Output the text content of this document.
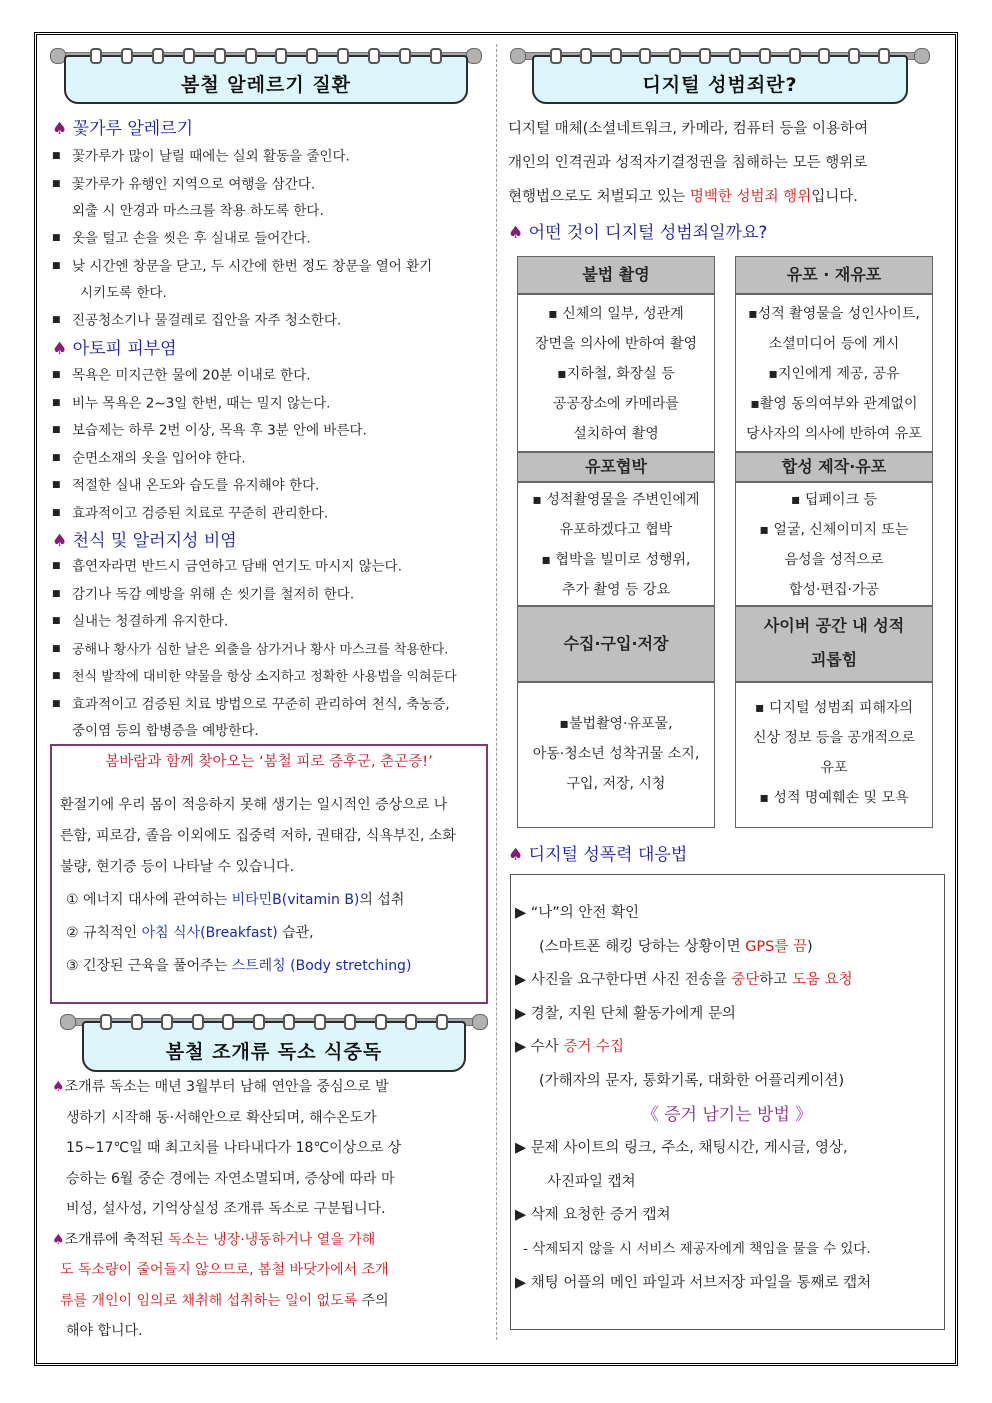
봄철 알레르기 질환
♠ 꽃가루 알레르기
■ 꽃가루가 많이 날릴 때에는 실외 활동을 줄인다.
■ 꽃가루가 유행인 지역으로 여행을 삼간다.
외출 시 안경과 마스크를 착용 하도록 한다.
■ 옷을 털고 손을 씻은 후 실내로 들어간다.
■ 낮 시간엔 창문을 닫고, 두 시간에 한번 정도 창문을 열어 환기
시키도록 한다.
■ 진공청소기나 물걸레로 집안을 자주 청소한다.
♠ 아토피 피부염
■ 목욕은 미지근한 물에 20분 이내로 한다.
■ 비누 목욕은 2~3일 한번, 때는 밀지 않는다.
■ 보습제는 하루 2번 이상, 목욕 후 3분 안에 바른다.
■ 순면소재의 옷을 입어야 한다.
■ 적절한 실내 온도와 습도를 유지해야 한다.
■ 효과적이고 검증된 치료로 꾸준히 관리한다.
♠ 천식 및 알러지성 비염
■ 흡연자라면 반드시 금연하고 담배 연기도 마시지 않는다.
■ 감기나 독감 예방을 위해 손 씻기를 철저히 한다.
■ 실내는 청결하게 유지한다.
■ 공해나 황사가 심한 날은 외출을 삼가거나 황사 마스크를 착용한다.
■ 천식 발작에 대비한 약물을 항상 소지하고 정확한 사용법을 익혀둔다
■ 효과적이고 검증된 치료 방법으로 꾸준히 관리하여 천식, 축농증,
중이염 등의 합병증을 예방한다.
봄바람과 함께 찾아오는 ‘봄철 피로 증후군, 춘곤증!’
환절기에 우리 몸이 적응하지 못해 생기는 일시적인 증상으로 나
른함, 피로감, 졸음 이외에도 집중력 저하, 권태감, 식욕부진, 소화
불량, 현기증 등이 나타날 수 있습니다.
① 에너지 대사에 관여하는 비타민B(vitamin B)의 섭취
② 규칙적인 아침 식사(Breakfast) 습관,
③ 긴장된 근육을 풀어주는 스트레칭 (Body stretching)
봄철 조개류 독소 식중독
♠조개류 독소는 매년 3월부터 남해 연안을 중심으로 발
생하기 시작해 동·서해안으로 확산되며, 해수온도가
15∼17℃일 때 최고치를 나타내다가 18℃이상으로 상
승하는 6월 중순 경에는 자연소멸되며, 증상에 따라 마
비성, 설사성, 기억상실성 조개류 독소로 구분됩니다.
♠조개류에 축적된 독소는 냉장·냉동하거나 열을 가해
도 독소량이 줄어들지 않으므로, 봄철 바닷가에서 조개
류를 개인이 임의로 채취해 섭취하는 일이 없도록 주의
해야 합니다.
디지털 성범죄란?
디지털 매체(소셜네트워크, 카메라, 컴퓨터 등을 이용하여
개인의 인격권과 성적자기결정권을 침해하는 모든 행위로
현행법으로도 처벌되고 있는 명백한 성범죄 행위입니다.
♠ 어떤 것이 디지털 성범죄일까요?
불법 촬영	유포 · 재유포
▪ 신체의 일부, 성관계
장면을 의사에 반하여 촬영
▪지하철, 화장실 등
공공장소에 카메라를
설치하여 촬영
▪성적 촬영물을 성인사이트,
소셜미디어 등에 게시
▪지인에게 제공, 공유
▪촬영 동의여부와 관계없이
당사자의 의사에 반하여 유포
유포협박	합성 제작·유포
▪ 성적촬영물을 주변인에게
유포하겠다고 협박
▪ 협박을 빌미로 성행위,
추가 촬영 등 강요
▪ 딥페이크 등
▪ 얼굴, 신체이미지 또는
음성을 성적으로
합성·편집·가공
수집·구입·저장
사이버 공간 내 성적
괴롭힘
▪불법촬영·유포물,
아동·청소년 성착귀물 소지,
구입, 저장, 시청
▪ 디지털 성범죄 피해자의
신상 정보 등을 공개적으로
유포
▪ 성적 명예훼손 및 모욕
♠ 디지털 성폭력 대응법
▶ “나”의 안전 확인
(스마트폰 해킹 당하는 상황이면 GPS를 끔)
▶ 사진을 요구한다면 사진 전송을 중단하고 도움 요청
▶ 경찰, 지원 단체 활동가에게 문의
▶ 수사 증거 수집
(가해자의 문자, 통화기록, 대화한 어플리케이션)
《 증거 남기는 방법 》
▶ 문제 사이트의 링크, 주소, 채팅시간, 게시글, 영상,
사진파일 캡쳐
▶ 삭제 요청한 증거 캡쳐
- 삭제되지 않을 시 서비스 제공자에게 책임을 물을 수 있다.
▶ 채팅 어플의 메인 파일과 서브저장 파일을 통째로 캡처
